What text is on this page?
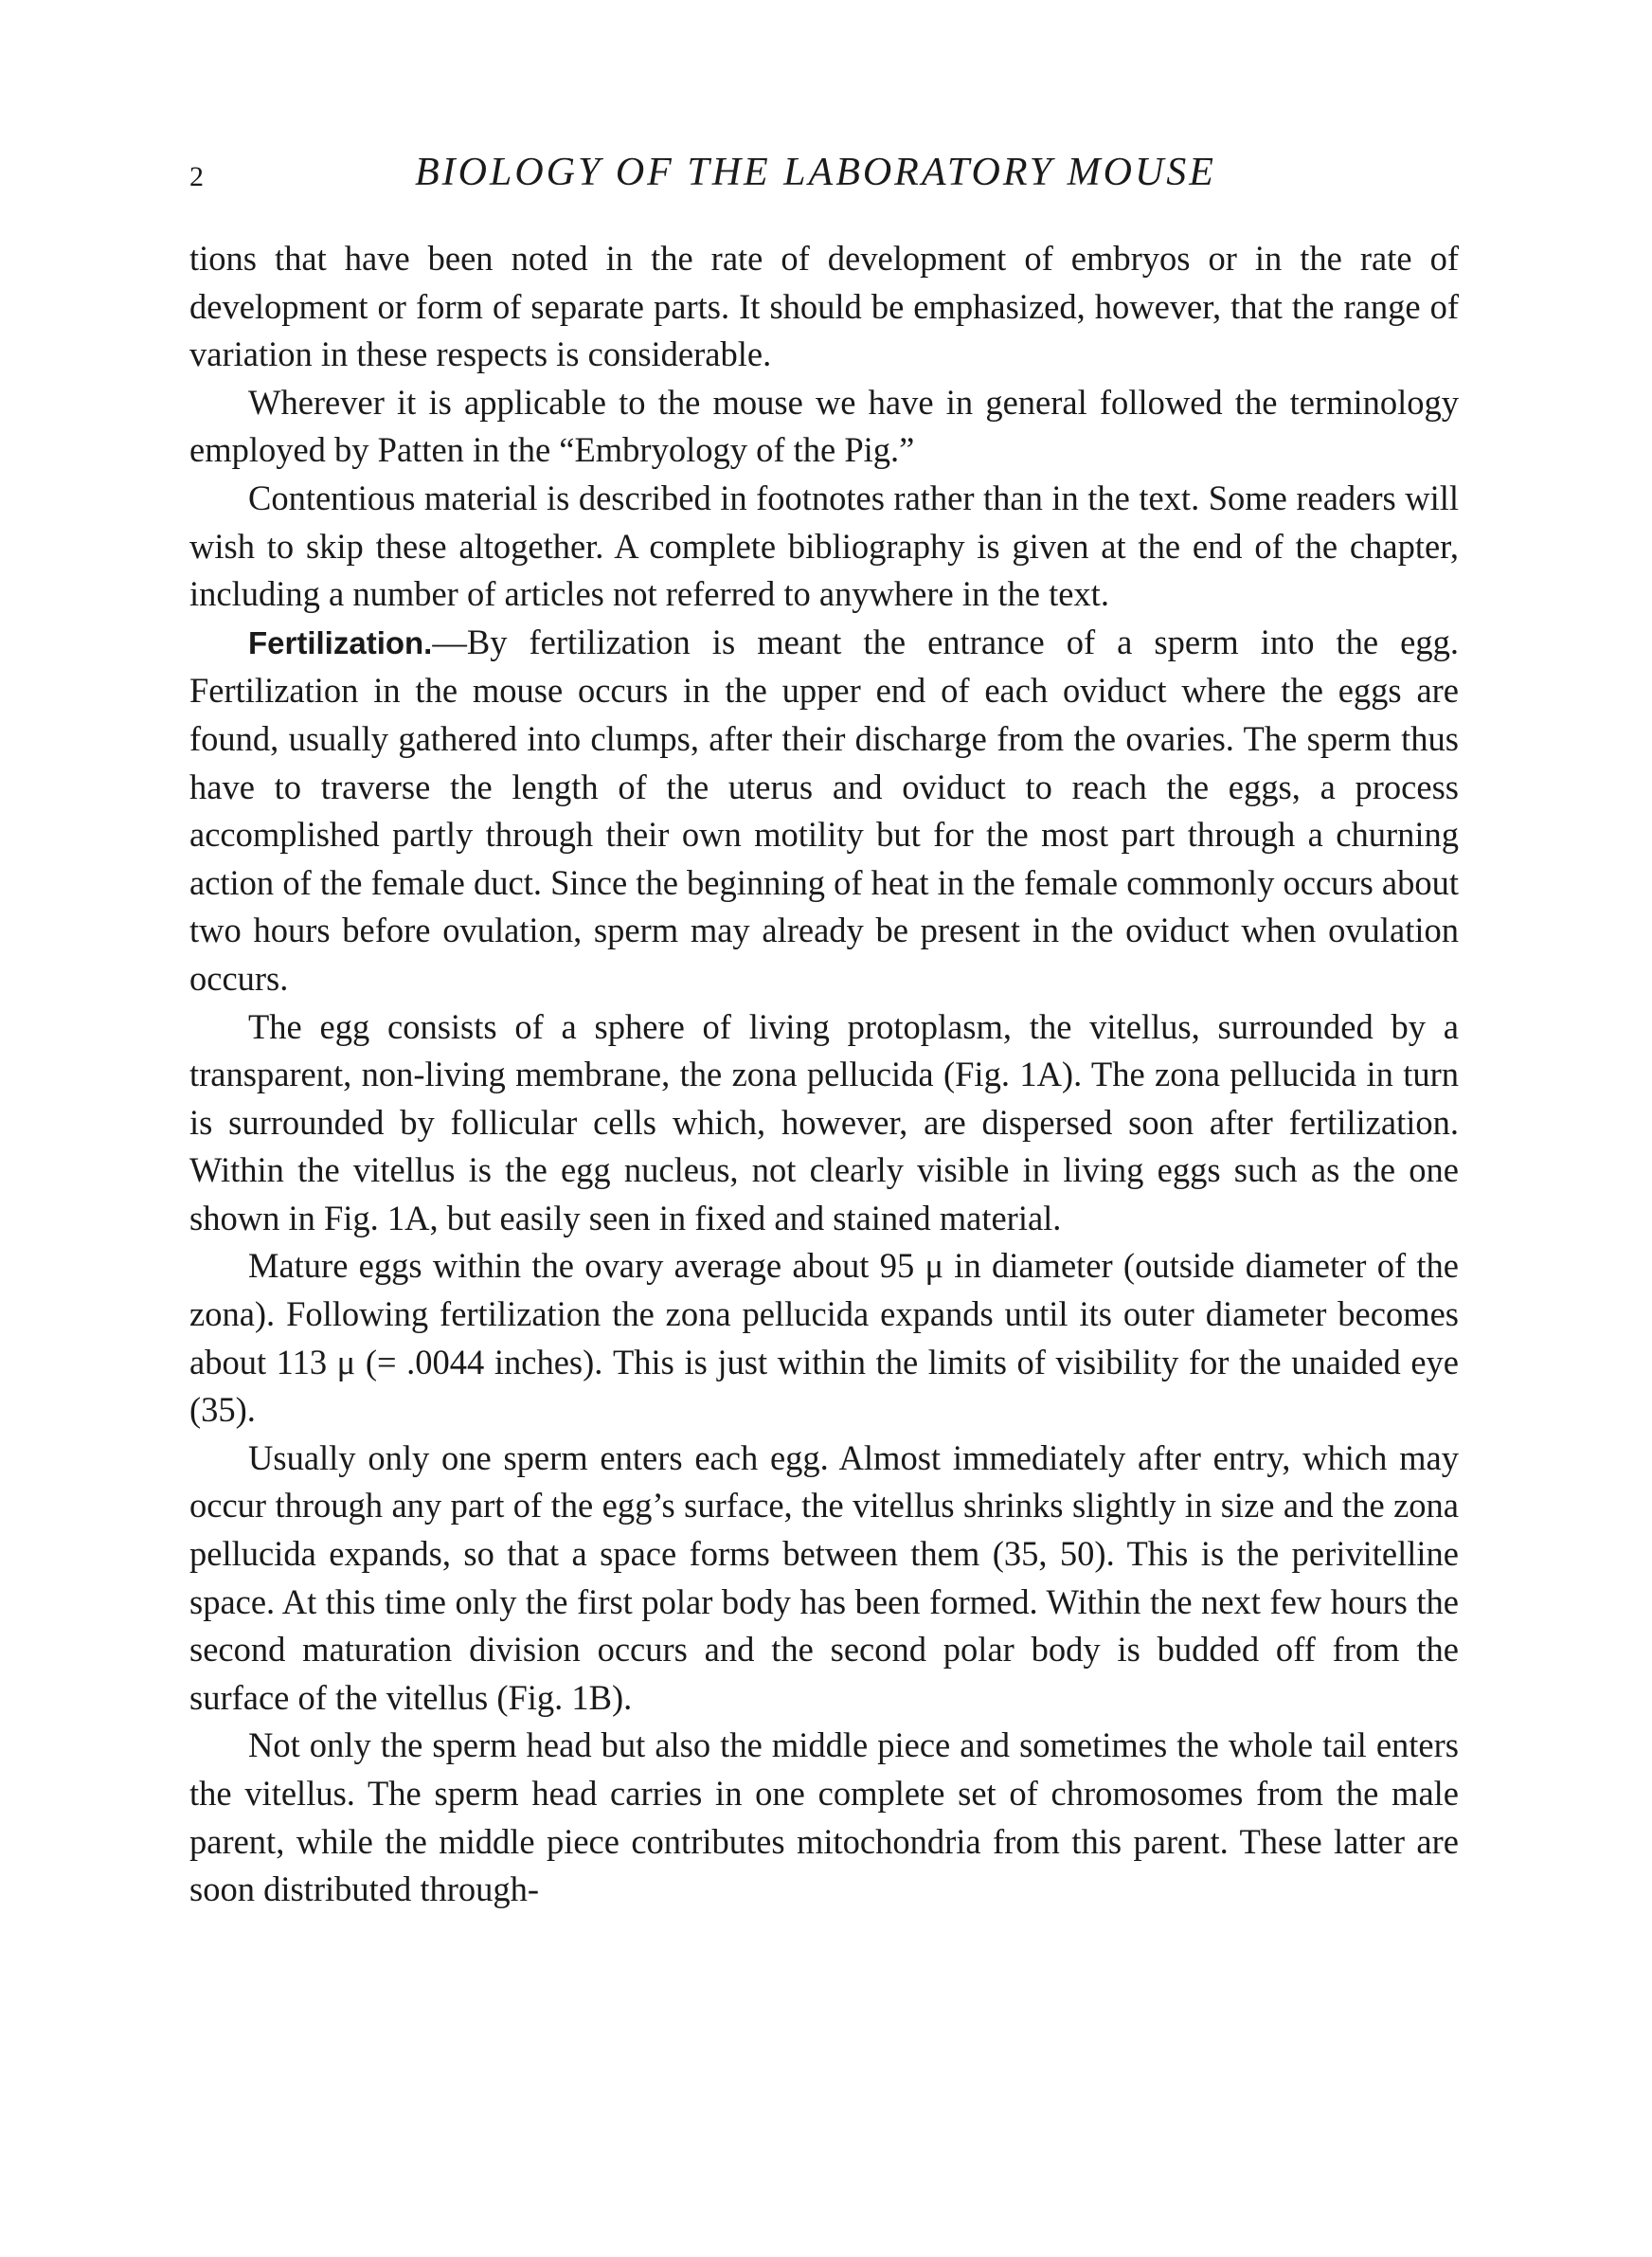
2	BIOLOGY OF THE LABORATORY MOUSE

tions that have been noted in the rate of development of embryos or in the rate of development or form of separate parts. It should be emphasized, however, that the range of variation in these respects is considerable.

Wherever it is applicable to the mouse we have in general followed the terminology employed by Patten in the “Embryology of the Pig.”

Contentious material is described in footnotes rather than in the text. Some readers will wish to skip these altogether. A complete bibliography is given at the end of the chapter, including a number of articles not referred to anywhere in the text.

Fertilization.—By fertilization is meant the entrance of a sperm into the egg. Fertilization in the mouse occurs in the upper end of each oviduct where the eggs are found, usually gathered into clumps, after their discharge from the ovaries. The sperm thus have to traverse the length of the uterus and oviduct to reach the eggs, a process accomplished partly through their own motility but for the most part through a churning action of the female duct. Since the beginning of heat in the female commonly occurs about two hours before ovulation, sperm may already be present in the oviduct when ovulation occurs.

The egg consists of a sphere of living protoplasm, the vitellus, surrounded by a transparent, non-living membrane, the zona pellucida (Fig. 1A). The zona pellucida in turn is surrounded by follicular cells which, however, are dispersed soon after fertilization. Within the vitellus is the egg nucleus, not clearly visible in living eggs such as the one shown in Fig. 1A, but easily seen in fixed and stained material.

Mature eggs within the ovary average about 95 μ in diameter (outside diameter of the zona). Following fertilization the zona pellucida expands until its outer diameter becomes about 113 μ (= .0044 inches). This is just within the limits of visibility for the unaided eye (35).

Usually only one sperm enters each egg. Almost immediately after entry, which may occur through any part of the egg’s surface, the vitellus shrinks slightly in size and the zona pellucida expands, so that a space forms between them (35, 50). This is the perivitelline space. At this time only the first polar body has been formed. Within the next few hours the second maturation division occurs and the second polar body is budded off from the surface of the vitellus (Fig. 1B).

Not only the sperm head but also the middle piece and sometimes the whole tail enters the vitellus. The sperm head carries in one complete set of chromosomes from the male parent, while the middle piece contributes mitochondria from this parent. These latter are soon distributed through-
